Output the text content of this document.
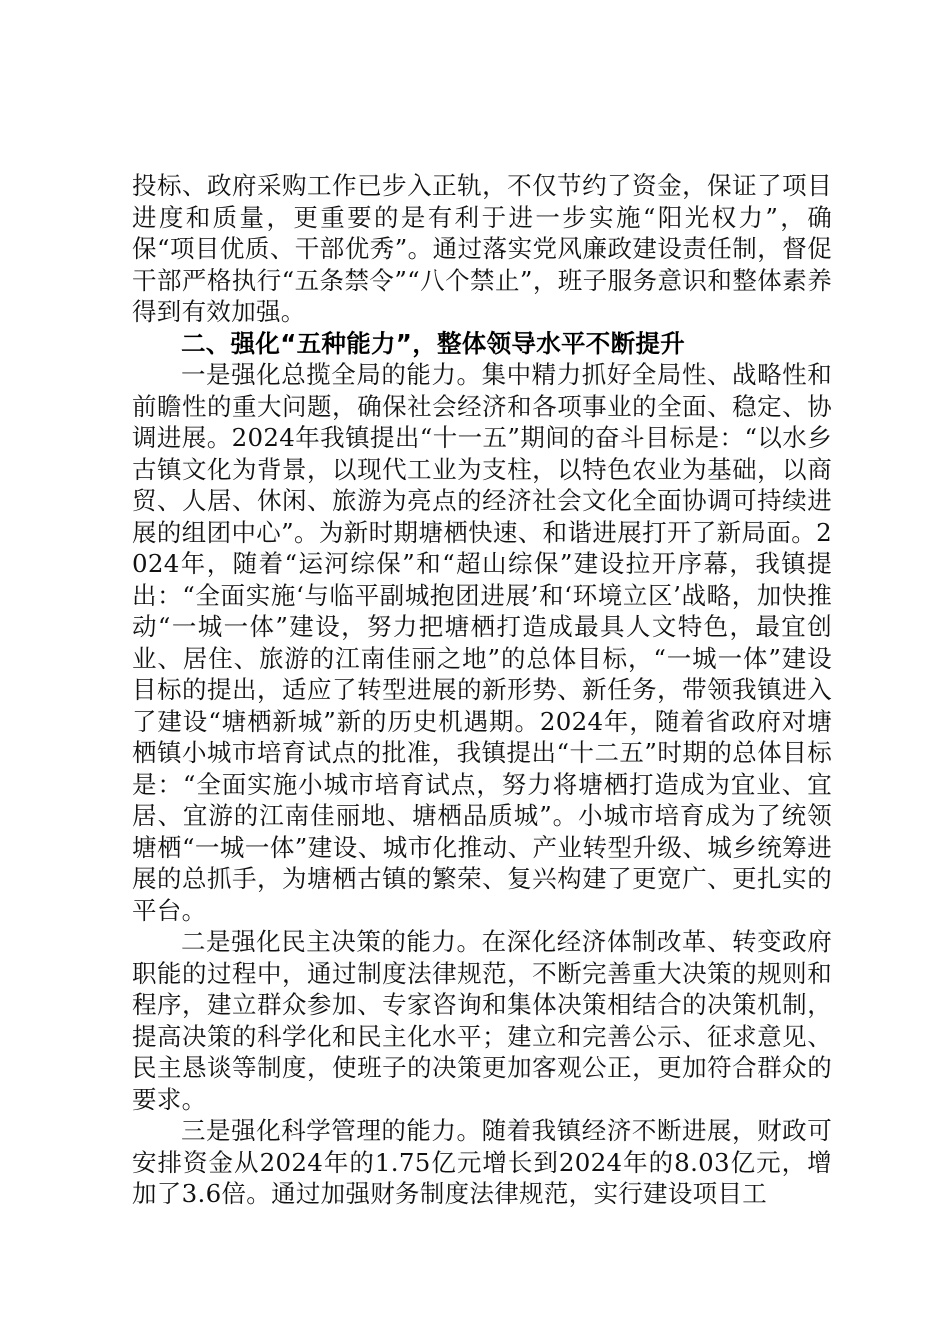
投标、政府采购工作已步入正轨，不仅节约了资金，保证了项目进度和质量，更重要的是有利于进一步实施“阳光权力”，确保“项目优质、干部优秀”。通过落实党风廉政建设责任制，督促干部严格执行“五条禁令”“八个禁止”，班子服务意识和整体素养得到有效加强。

二、强化“五种能力”，整体领导水平不断提升

一是强化总揽全局的能力。集中精力抓好全局性、战略性和前瞻性的重大问题，确保社会经济和各项事业的全面、稳定、协调进展。2024年我镇提出“十一五”期间的奋斗目标是：“以水乡古镇文化为背景，以现代工业为支柱，以特色农业为基础，以商贸、人居、休闲、旅游为亮点的经济社会文化全面协调可持续进展的组团中心”。为新时期塘栖快速、和谐进展打开了新局面。2024年，随着“运河综保”和“超山综保”建设拉开序幕，我镇提出：“全面实施‘与临平副城抱团进展’和‘环境立区’战略，加快推动“一城一体”建设，努力把塘栖打造成最具人文特色，最宜创业、居住、旅游的江南佳丽之地”的总体目标，“一城一体”建设目标的提出，适应了转型进展的新形势、新任务，带领我镇进入了建设“塘栖新城”新的历史机遇期。2024年，随着省政府对塘栖镇小城市培育试点的批准，我镇提出“十二五”时期的总体目标是：“全面实施小城市培育试点，努力将塘栖打造成为宜业、宜居、宜游的江南佳丽地、塘栖品质城”。小城市培育成为了统领塘栖“一城一体”建设、城市化推动、产业转型升级、城乡统筹进展的总抓手，为塘栖古镇的繁荣、复兴构建了更宽广、更扎实的平台。

二是强化民主决策的能力。在深化经济体制改革、转变政府职能的过程中，通过制度法律规范，不断完善重大决策的规则和程序，建立群众参加、专家咨询和集体决策相结合的决策机制，提高决策的科学化和民主化水平；建立和完善公示、征求意见、民主恳谈等制度，使班子的决策更加客观公正，更加符合群众的要求。

三是强化科学管理的能力。随着我镇经济不断进展，财政可安排资金从2024年的1.75亿元增长到2024年的8.03亿元，增加了3.6倍。通过加强财务制度法律规范，实行建设项目工
